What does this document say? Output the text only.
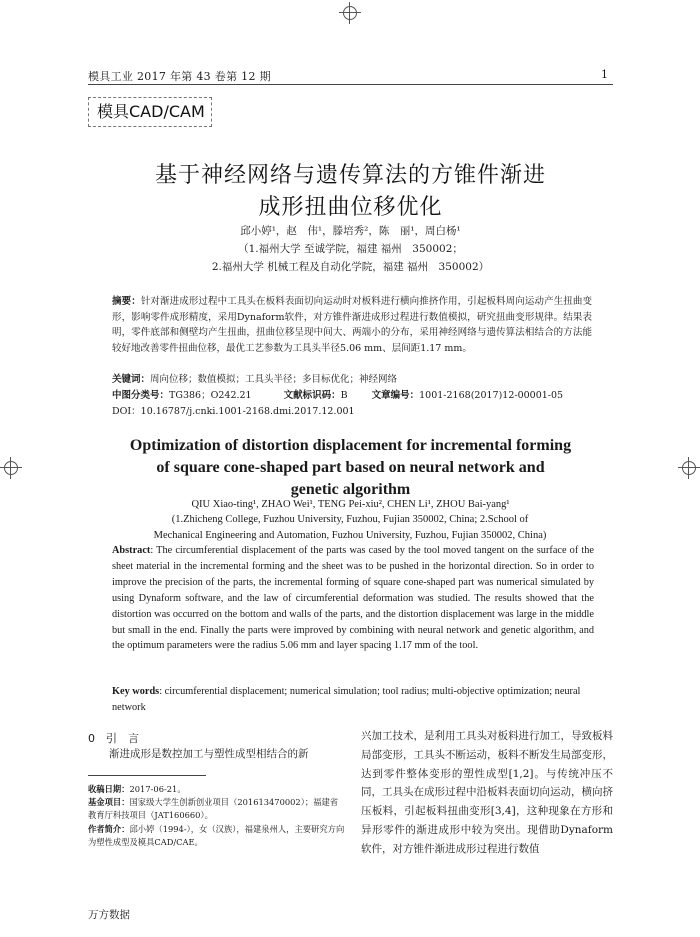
模具工业 2017 年第 43 卷第 12 期	1
模具CAD/CAM
基于神经网络与遗传算法的方锥件渐进
成形扭曲位移优化
邱小婷¹，赵　伟¹，滕培秀²，陈　丽¹，周白杨¹
（1.福州大学 至诚学院，福建 福州　350002；
2.福州大学 机械工程及自动化学院，福建 福州　350002）
摘要：针对渐进成形过程中工具头在板料表面切向运动时对板料进行横向推挤作用，引起板料周向运动产生扭曲变形，影响零件成形精度，采用Dynaform软件，对方锥件渐进成形过程进行数值模拟，研究扭曲变形规律。结果表明，零件底部和侧壁均产生扭曲，扭曲位移呈现中间大、两端小的分布，采用神经网络与遗传算法相结合的方法能较好地改善零件扭曲位移，最优工艺参数为工具头半径5.06 mm、层间距1.17 mm。
关键词：周向位移；数值模拟；工具头半径；多目标优化；神经网络
中图分类号：TG386；O242.21	文献标识码：B	文章编号：1001-2168(2017)12-00001-05
DOI：10.16787/j.cnki.1001-2168.dmi.2017.12.001
Optimization of distortion displacement for incremental forming
of square cone-shaped part based on neural network and
genetic algorithm
QIU Xiao-ting¹, ZHAO Wei¹, TENG Pei-xiu², CHEN Li¹, ZHOU Bai-yang¹
(1.Zhicheng College, Fuzhou University, Fuzhou, Fujian 350002, China; 2.School of
Mechanical Engineering and Automation, Fuzhou University, Fuzhou, Fujian 350002, China)
Abstract: The circumferential displacement of the parts was cased by the tool moved tangent on the surface of the sheet material in the incremental forming and the sheet was to be pushed in the horizontal direction. So in order to improve the precision of the parts, the incremental forming of square cone-shaped part was numerical simulated by using Dynaform software, and the law of circumferential deformation was studied. The results showed that the distortion was occurred on the bottom and walls of the parts, and the distortion displacement was large in the middle but small in the end. Finally the parts were improved by combining with neural network and genetic algorithm, and the optimum parameters were the radius 5.06 mm and layer spacing 1.17 mm of the tool.
Key words: circumferential displacement; numerical simulation; tool radius; multi-objective optimization; neural network
0　引　言
渐进成形是数控加工与塑性成型相结合的新
兴加工技术，是利用工具头对板料进行加工，导致板料局部变形，工具头不断运动，板料不断发生局部变形，达到零件整体变形的塑性成型[1,2]。与传统冲压不同，工具头在成形过程中沿板料表面切向运动，横向挤压板料，引起板料扭曲变形[3,4]，这种现象在方形和异形零件的渐进成形中较为突出。现借助Dynaform软件，对方锥件渐进成形过程进行数值
收稿日期：2017-06-21。
基金项目：国家级大学生创新创业项目（201613470002）；福建省教育厅科技项目（JAT160660）。
作者简介：邱小婷（1994-），女（汉族），福建泉州人，主要研究方向为塑性成型及模具CAD/CAE。
万方数据
